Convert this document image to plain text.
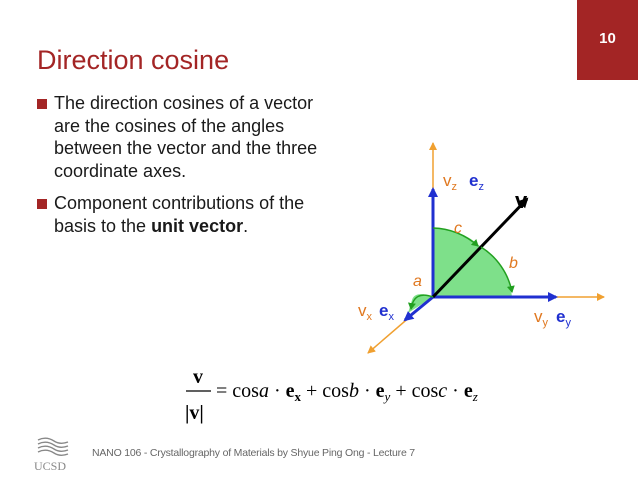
10
Direction cosine
The direction cosines of a vector are the cosines of the angles between the vector and the three coordinate axes.
Component contributions of the basis to the unit vector.
v
$v_z$ $e_z$
$v_y$ $e_y$
$v_x$ $e_x$
c
b
a
v
|v|
= $\cos a \cdot e_x + \cos b \cdot e_y + \cos c \cdot e_z$
UCSD
NANO 106 - Crystallography of Materials by Shyue Ping Ong - Lecture 7
